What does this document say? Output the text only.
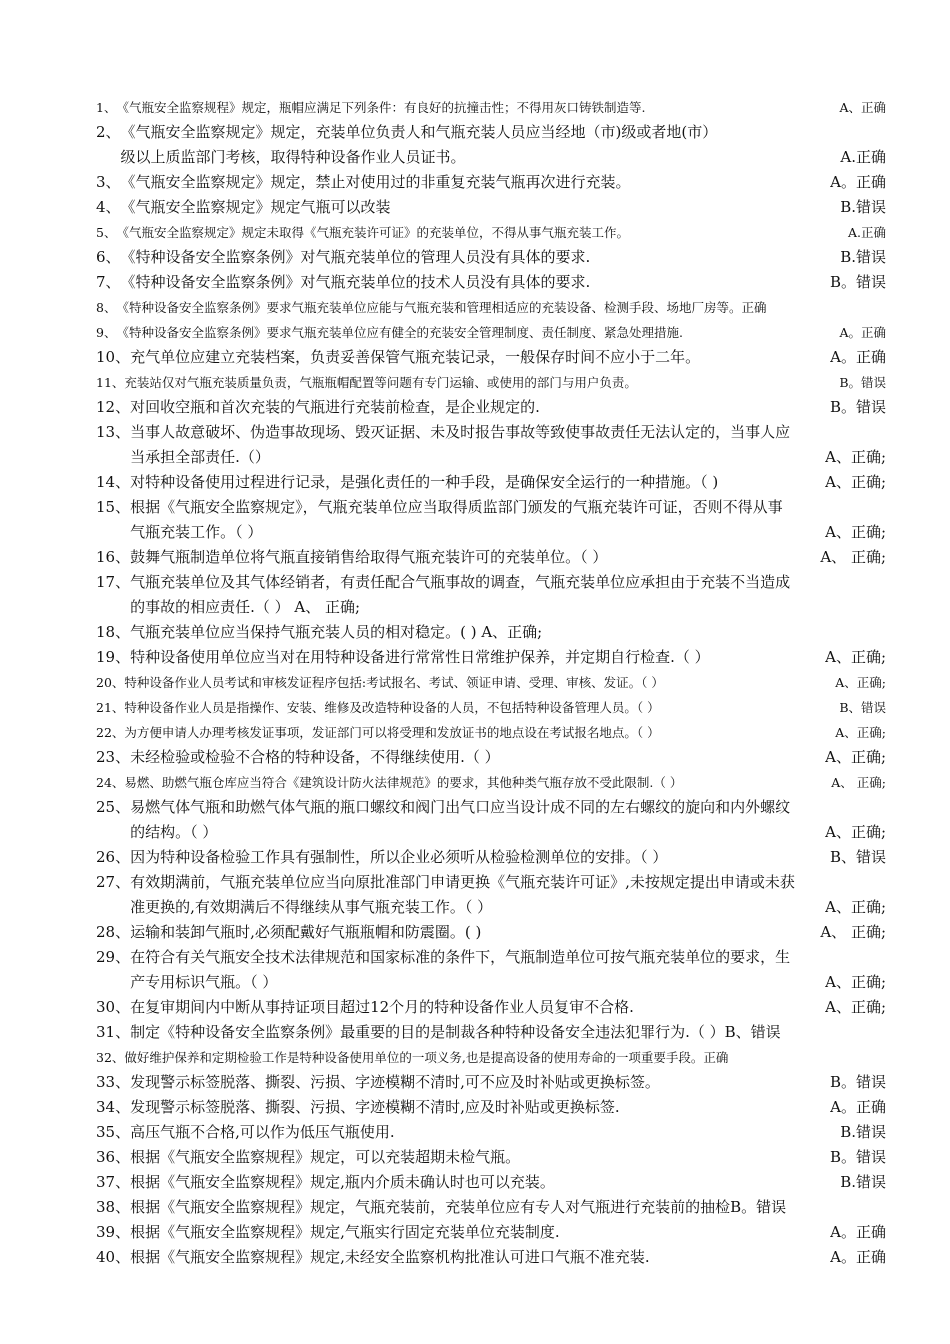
1、 《气瓶安全监察规程》规定，瓶帽应满足下列条件：有良好的抗撞击性；不得用灰口铸铁制造等.	A、正确
2、 《气瓶安全监察规定》规定，充装单位负责人和气瓶充装人员应当经地（市)级或者地(市）
级以上质监部门考核，取得特种设备作业人员证书。	A.正确
3、 《气瓶安全监察规定》规定，禁止对使用过的非重复充装气瓶再次进行充装。	A。正确
4、 《气瓶安全监察规定》规定气瓶可以改装	B.错误
5、 《气瓶安全监察规定》规定未取得《气瓶充装许可证》的充装单位，不得从事气瓶充装工作。	A.正确
6、 《特种设备安全监察条例》对气瓶充装单位的管理人员没有具体的要求.	B.错误
7、 《特种设备安全监察条例》对气瓶充装单位的技术人员没有具体的要求.	B。错误
8、 《特种设备安全监察条例》要求气瓶充装单位应能与气瓶充装和管理相适应的充装设备、检测手段、场地厂房等。正确
9、 《特种设备安全监察条例》要求气瓶充装单位应有健全的充装安全管理制度、责任制度、紧急处理措施.	A。正确
10、 充气单位应建立充装档案，负责妥善保管气瓶充装记录，一般保存时间不应小于二年。	A。正确
11、 充装站仅对气瓶充装质量负责，气瓶瓶帽配置等问题有专门运输、或使用的部门与用户负责。	B。错误
12、 对回收空瓶和首次充装的气瓶进行充装前检查，是企业规定的.	B。错误
13、 当事人故意破坏、伪造事故现场、毁灭证据、未及时报告事故等致使事故责任无法认定的，当事人应
当承担全部责任.（）	A、正确;
14、 对特种设备使用过程进行记录，是强化责任的一种手段，是确保安全运行的一种措施。（ )	A、正确;
15、 根据《气瓶安全监察规定》，气瓶充装单位应当取得质监部门颁发的气瓶充装许可证，否则不得从事
气瓶充装工作。（ ）	A、正确;
16、 鼓舞气瓶制造单位将气瓶直接销售给取得气瓶充装许可的充装单位。（ ）	A、 正确;
17、 气瓶充装单位及其气体经销者，有责任配合气瓶事故的调查，气瓶充装单位应承担由于充装不当造成
的事故的相应责任.（ ） A、 正确;
18、 气瓶充装单位应当保持气瓶充装人员的相对稳定。( ) A、正确;
19、 特种设备使用单位应当对在用特种设备进行常常性日常维护保养，并定期自行检查.（ ）	A、正确;
20、 特种设备作业人员考试和审核发证程序包括:考试报名、考试、领证申请、受理、审核、发证。（ ）	A、正确;
21、 特种设备作业人员是指操作、安装、维修及改造特种设备的人员，不包括特种设备管理人员。（ ）	B、错误
22、 为方便申请人办理考核发证事项，发证部门可以将受理和发放证书的地点设在考试报名地点。（ ）	A、正确;
23、 未经检验或检验不合格的特种设备，不得继续使用.（ ）	A、正确;
24、 易燃、助燃气瓶仓库应当符合《建筑设计防火法律规范》的要求，其他种类气瓶存放不受此限制.（ ）	A、 正确;
25、 易燃气体气瓶和助燃气体气瓶的瓶口螺纹和阀门出气口应当设计成不同的左右螺纹的旋向和内外螺纹
的结构。（ ）	A、正确;
26、 因为特种设备检验工作具有强制性，所以企业必须听从检验检测单位的安排。（ ）	B、错误
27、 有效期满前，气瓶充装单位应当向原批准部门申请更换《气瓶充装许可证》,未按规定提出申请或未获
准更换的,有效期满后不得继续从事气瓶充装工作。（ ）	A、正确;
28、 运输和装卸气瓶时,必须配戴好气瓶瓶帽和防震圈。( )	A、 正确;
29、 在符合有关气瓶安全技术法律规范和国家标准的条件下，气瓶制造单位可按气瓶充装单位的要求，生
产专用标识气瓶。（ ）	A、正确;
30、 在复审期间内中断从事持证项目超过12个月的特种设备作业人员复审不合格.	A、正确;
31、 制定《特种设备安全监察条例》最重要的目的是制裁各种特种设备安全违法犯罪行为.（ ）B、错误
32、 做好维护保养和定期检验工作是特种设备使用单位的一项义务,也是提高设备的使用寿命的一项重要手段。正确
33、 发现警示标签脱落、撕裂、污损、字迹模糊不清时,可不应及时补贴或更换标签。	B。错误
34、 发现警示标签脱落、撕裂、污损、字迹模糊不清时,应及时补贴或更换标签.	A。正确
35、 高压气瓶不合格,可以作为低压气瓶使用.	B.错误
36、 根据《气瓶安全监察规程》规定，可以充装超期未检气瓶。	B。错误
37、 根据《气瓶安全监察规程》规定,瓶内介质未确认时也可以充装。	B.错误
38、 根据《气瓶安全监察规程》规定，气瓶充装前，充装单位应有专人对气瓶进行充装前的抽检B。错误
39、 根据《气瓶安全监察规程》规定,气瓶实行固定充装单位充装制度.	A。正确
40、 根据《气瓶安全监察规程》规定,未经安全监察机构批准认可进口气瓶不准充装.	A。正确
